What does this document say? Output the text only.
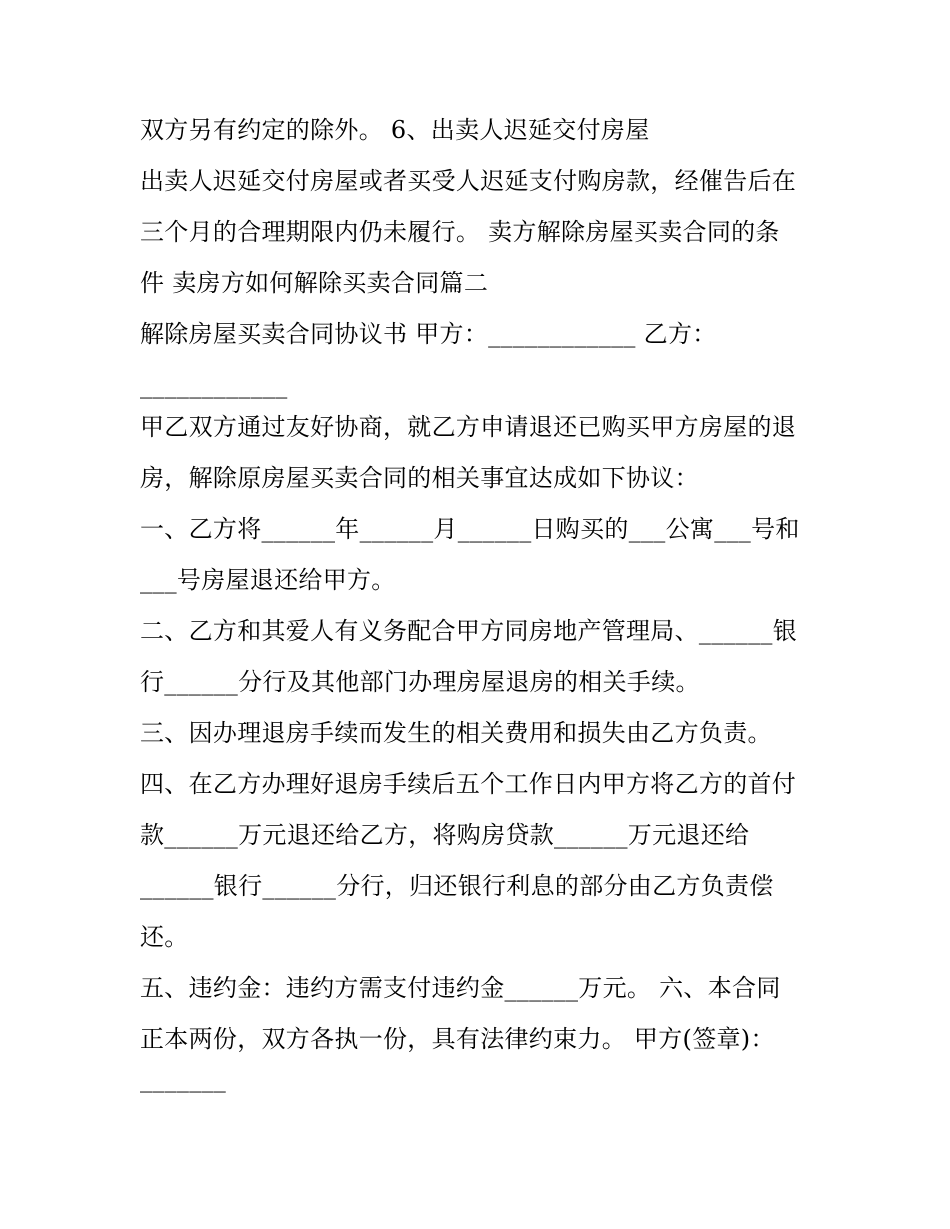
双方另有约定的除外。 6、出卖人迟延交付房屋
出卖人迟延交付房屋或者买受人迟延支付购房款，经催告后在
三个月的合理期限内仍未履行。 卖方解除房屋买卖合同的条
件 卖房方如何解除买卖合同篇二
解除房屋买卖合同协议书 甲方：____________ 乙方：
____________
甲乙双方通过友好协商，就乙方申请退还已购买甲方房屋的退
房，解除原房屋买卖合同的相关事宜达成如下协议：
一、乙方将______年______月______日购买的___公寓___号和
___号房屋退还给甲方。
二、乙方和其爱人有义务配合甲方同房地产管理局、______银
行______分行及其他部门办理房屋退房的相关手续。
三、因办理退房手续而发生的相关费用和损失由乙方负责。
四、在乙方办理好退房手续后五个工作日内甲方将乙方的首付
款______万元退还给乙方，将购房贷款______万元退还给
______银行______分行，归还银行利息的部分由乙方负责偿
还。
五、违约金：违约方需支付违约金______万元。 六、本合同
正本两份，双方各执一份，具有法律约束力。 甲方(签章)：
_______
